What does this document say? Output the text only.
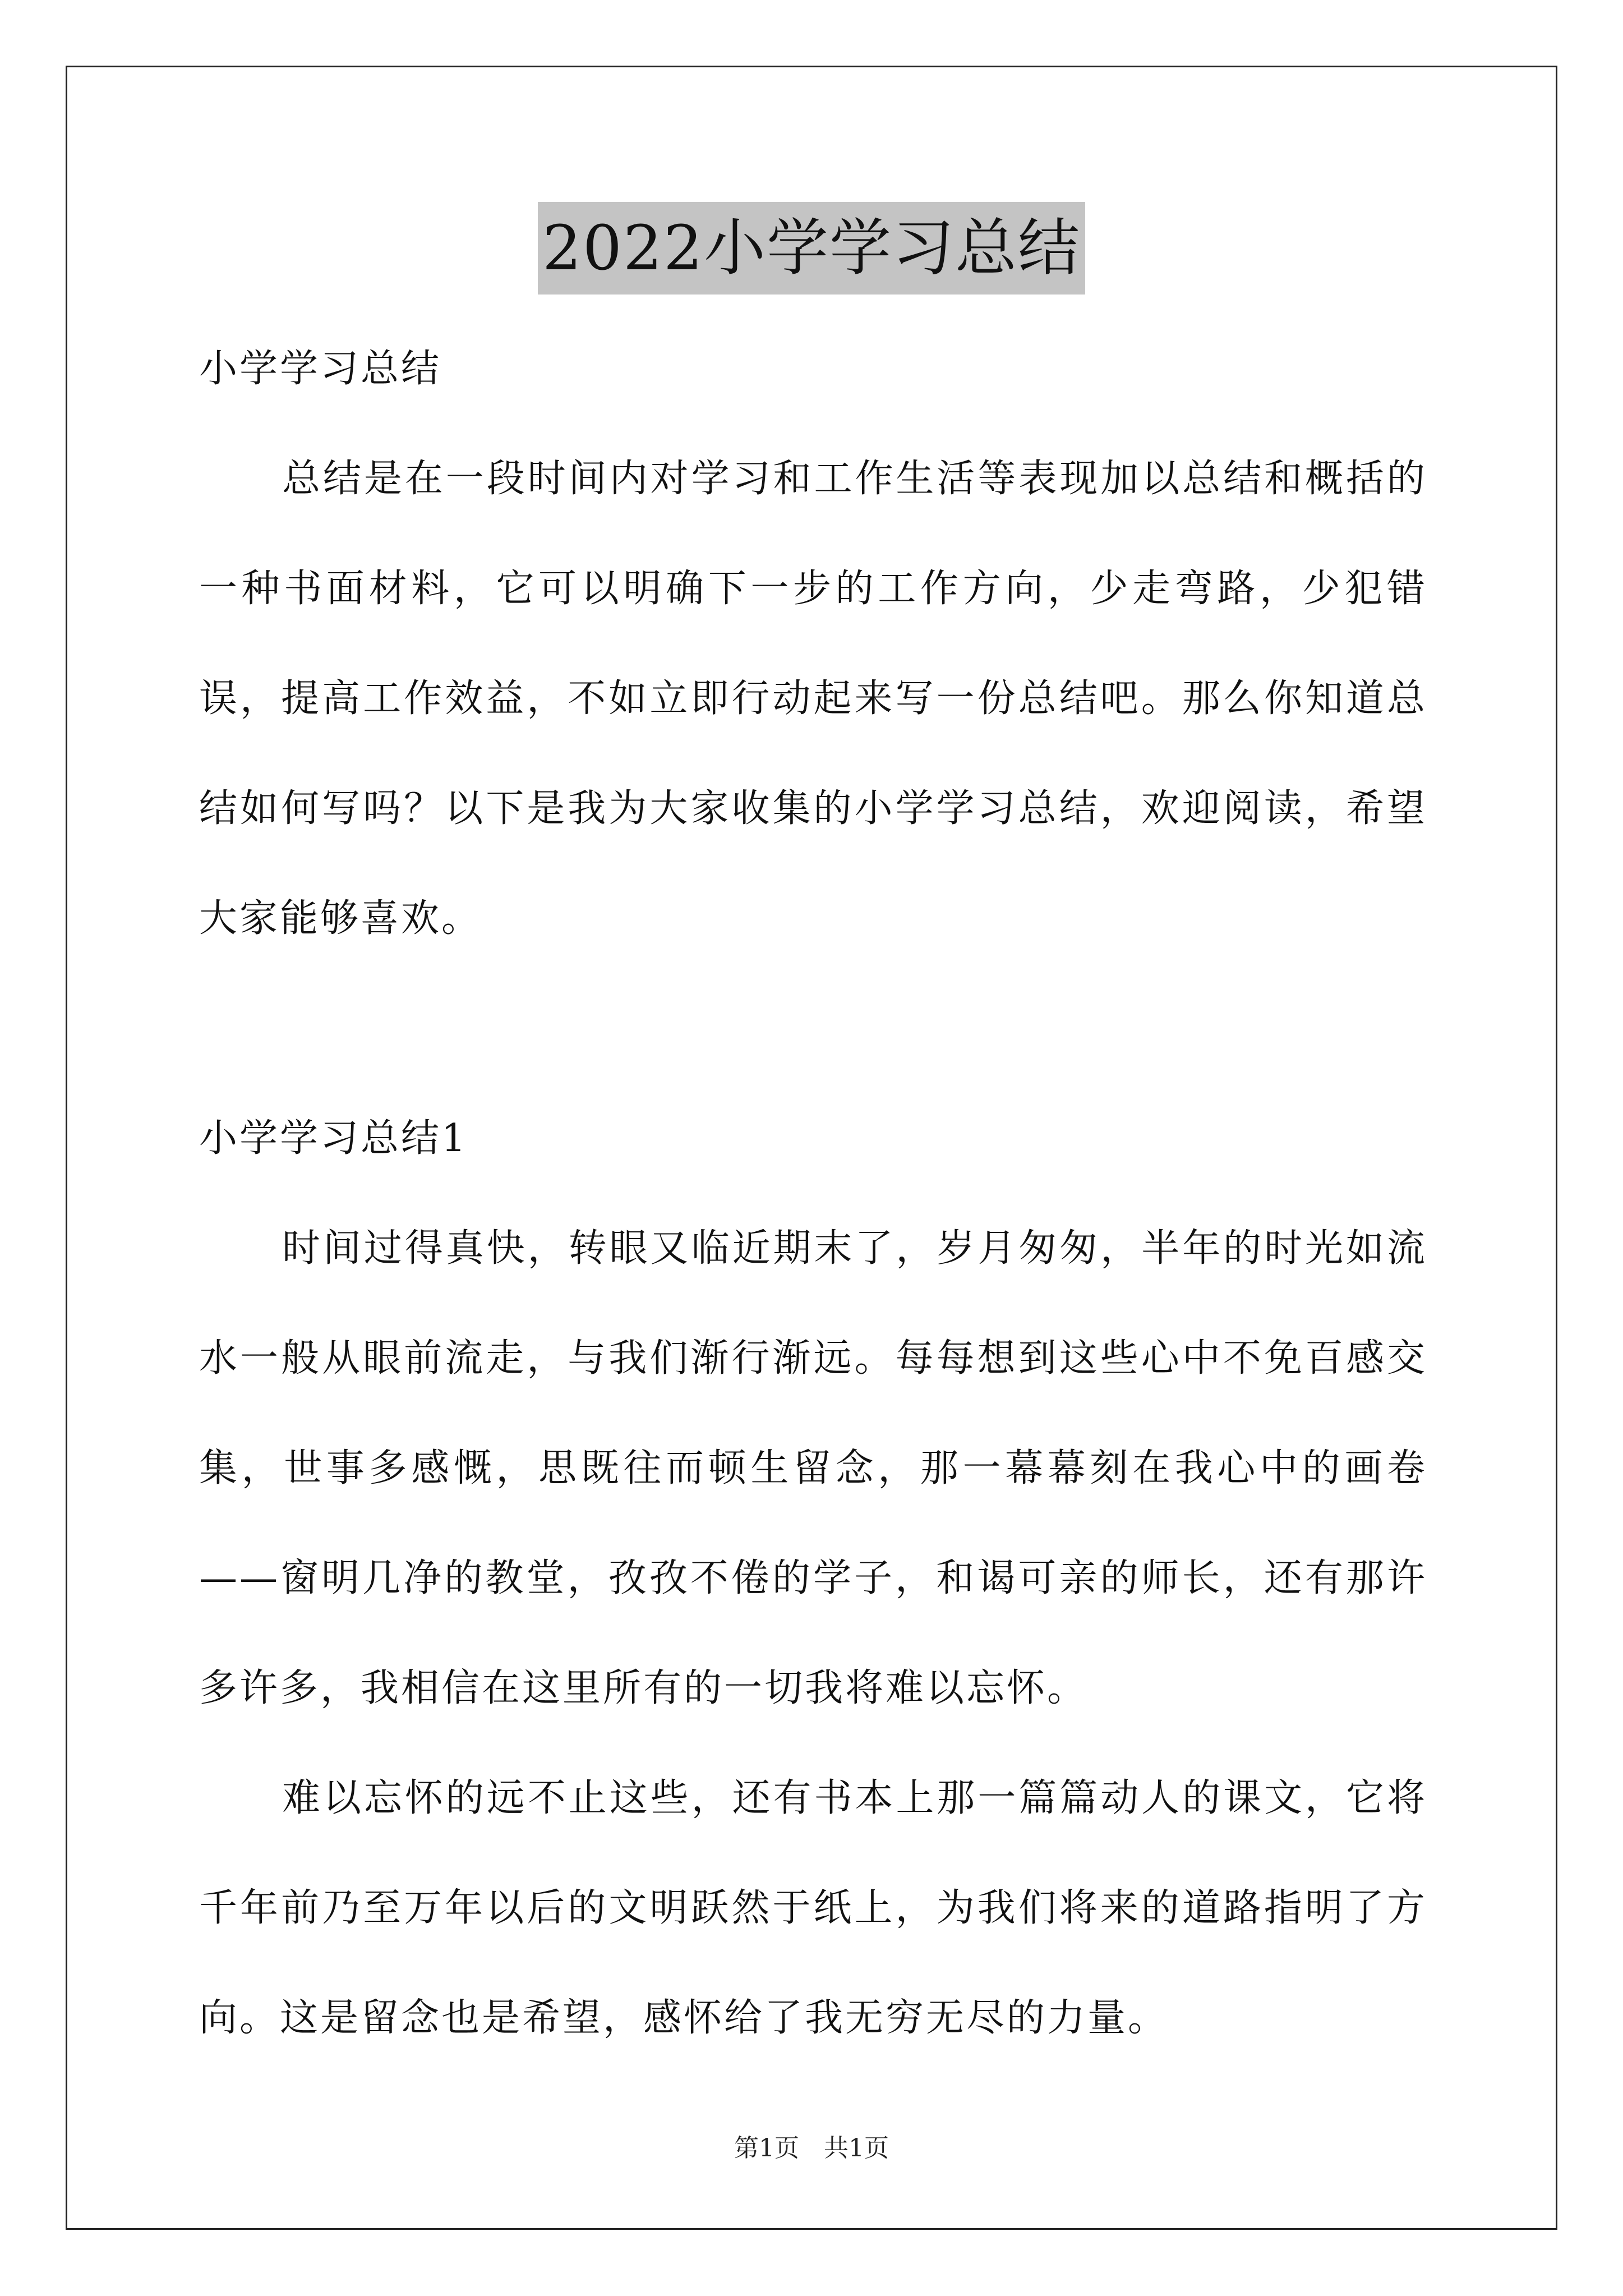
2022小学学习总结

小学学习总结

总结是在一段时间内对学习和工作生活等表现加以总结和概括的一种书面材料，它可以明确下一步的工作方向，少走弯路，少犯错误，提高工作效益，不如立即行动起来写一份总结吧。那么你知道总结如何写吗？以下是我为大家收集的小学学习总结，欢迎阅读，希望大家能够喜欢。

小学学习总结1

时间过得真快，转眼又临近期末了，岁月匆匆，半年的时光如流水一般从眼前流走，与我们渐行渐远。每每想到这些心中不免百感交集，世事多感慨，思既往而顿生留念，那一幕幕刻在我心中的画卷——窗明几净的教堂，孜孜不倦的学子，和谒可亲的师长，还有那许多许多，我相信在这里所有的一切我将难以忘怀。

难以忘怀的远不止这些，还有书本上那一篇篇动人的课文，它将千年前乃至万年以后的文明跃然于纸上，为我们将来的道路指明了方向。这是留念也是希望，感怀给了我无穷无尽的力量。

第1页 共1页
